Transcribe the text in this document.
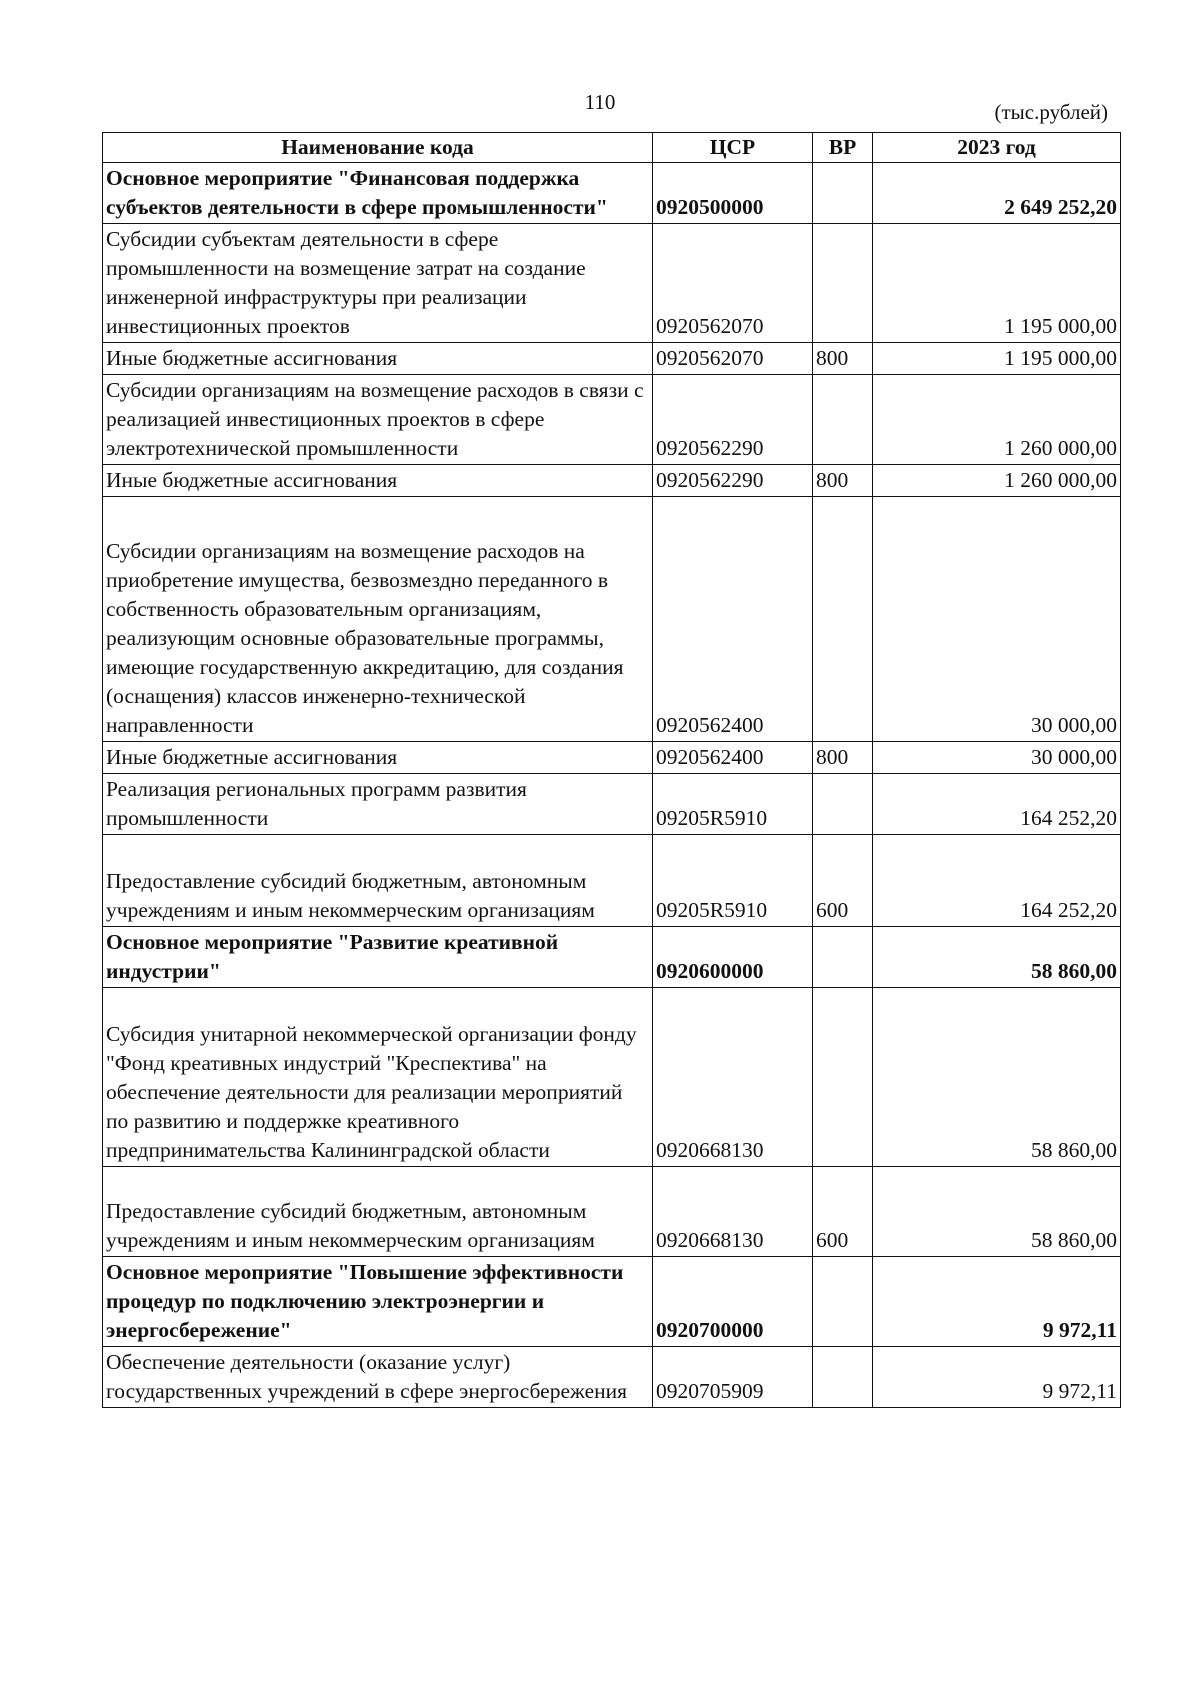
110	(тыс.рублей)
Наименование кода	ЦСР	ВР	2023 год
Основное мероприятие "Финансовая поддержка субъектов деятельности в сфере промышленности"	0920500000		2 649 252,20
Субсидии субъектам деятельности в сфере промышленности на возмещение затрат на создание инженерной инфраструктуры при реализации инвестиционных проектов	0920562070		1 195 000,00
Иные бюджетные ассигнования	0920562070	800	1 195 000,00
Субсидии организациям на возмещение расходов в связи с реализацией инвестиционных проектов в сфере электротехнической промышленности	0920562290		1 260 000,00
Иные бюджетные ассигнования	0920562290	800	1 260 000,00
Субсидии организациям на возмещение расходов на приобретение имущества, безвозмездно переданного в собственность образовательным организациям, реализующим основные образовательные программы, имеющие государственную аккредитацию, для создания (оснащения) классов инженерно-технической направленности	0920562400		30 000,00
Иные бюджетные ассигнования	0920562400	800	30 000,00
Реализация региональных программ развития промышленности	09205R5910		164 252,20
Предоставление субсидий бюджетным, автономным учреждениям и иным некоммерческим организациям	09205R5910	600	164 252,20
Основное мероприятие "Развитие креативной индустрии"	0920600000		58 860,00
Субсидия унитарной некоммерческой организации фонду "Фонд креативных индустрий "Креспектива" на обеспечение деятельности для реализации мероприятий по развитию и поддержке креативного предпринимательства Калининградской области	0920668130		58 860,00
Предоставление субсидий бюджетным, автономным учреждениям и иным некоммерческим организациям	0920668130	600	58 860,00
Основное мероприятие "Повышение эффективности процедур по подключению электроэнергии и энергосбережение"	0920700000		9 972,11
Обеспечение деятельности (оказание услуг) государственных учреждений в сфере энергосбережения	0920705909		9 972,11
